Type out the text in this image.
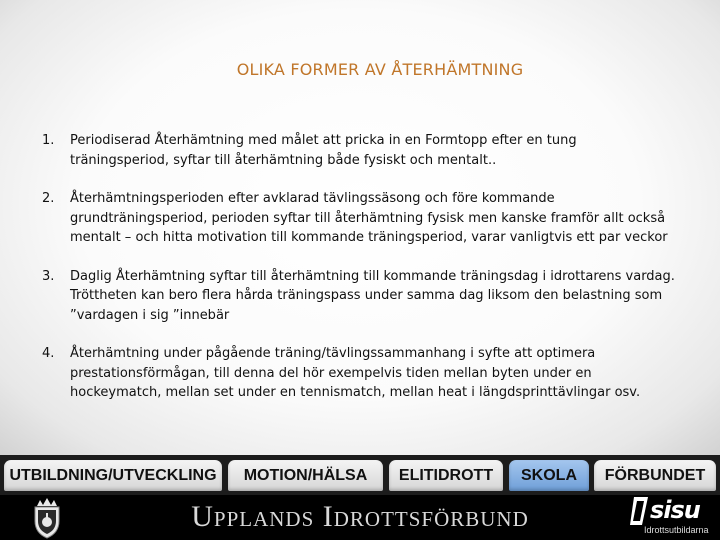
OLIKA FORMER AV ÅTERHÄMTNING
1. Periodiserad Återhämtning med målet att pricka in en Formtopp efter en tung
träningsperiod, syftar till återhämtning både fysiskt och mentalt..
2. Återhämtningsperioden efter avklarad tävlingssäsong och före kommande
grundträningsperiod, perioden syftar till återhämtning fysisk men kanske framför allt också
mentalt – och hitta motivation till kommande träningsperiod, varar vanligtvis ett par veckor
3. Daglig Återhämtning syftar till återhämtning till kommande träningsdag i idrottarens vardag.
Tröttheten kan bero flera hårda träningspass under samma dag liksom den belastning som
”vardagen i sig ”innebär
4. Återhämtning under pågående träning/tävlingssammanhang i syfte att optimera
prestationsförmågan, till denna del hör exempelvis tiden mellan byten under en
hockeymatch, mellan set under en tennismatch, mellan heat i längdsprinttävlingar osv.
UTBILDNING/UTVECKLING	MOTION/HÄLSA	ELITIDROTT	SKOLA	FÖRBUNDET
Upplands Idrottsförbund	sisu
Idrottsutbildarna
